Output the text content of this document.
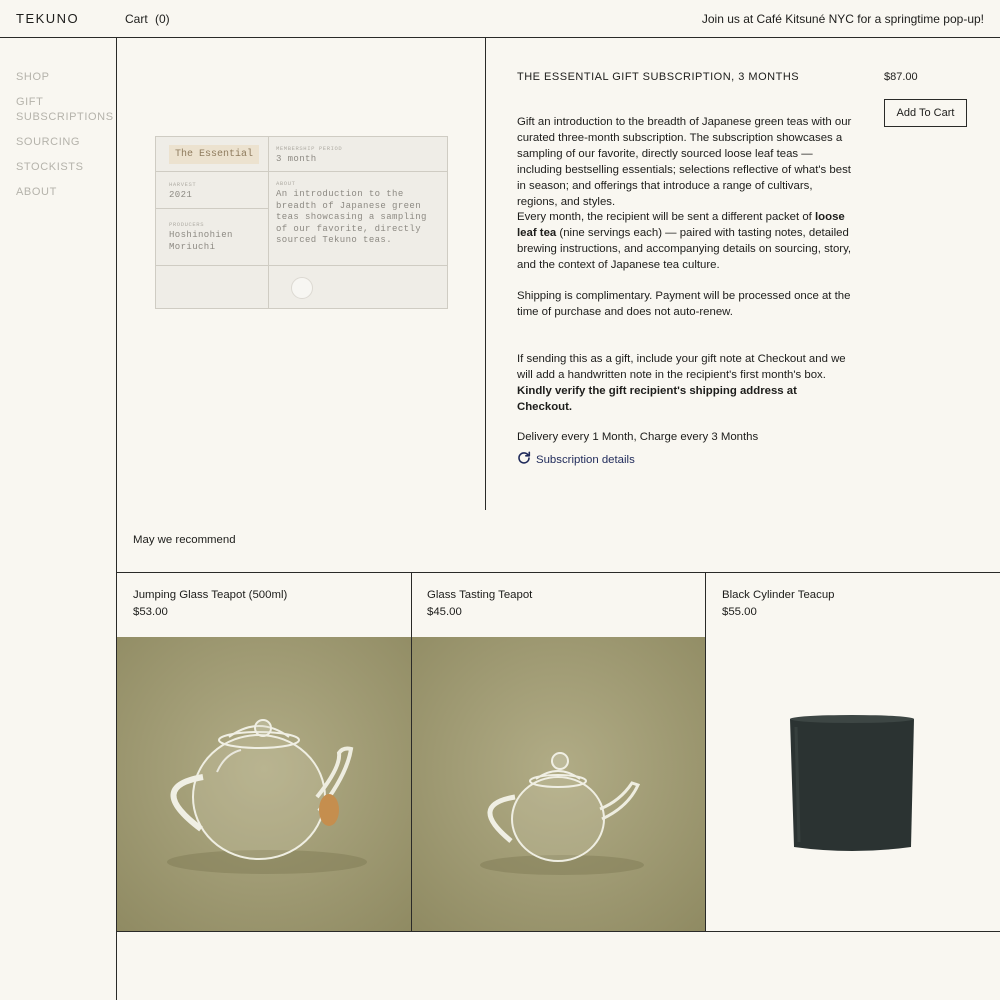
TEKUNO	Cart (0)	Join us at Café Kitsuné NYC for a springtime pop-up!
SHOP
GIFT SUBSCRIPTIONS
SOURCING
STOCKISTS
ABOUT
The Essential
MEMBERSHIP PERIOD
3 month
HARVEST
2021
ABOUT
An introduction to the breadth of Japanese green teas showcasing a sampling of our favorite, directly sourced Tekuno teas.
PRODUCERS
Hoshinohien Moriuchi
THE ESSENTIAL GIFT SUBSCRIPTION, 3 MONTHS	$87.00
Add To Cart

Gift an introduction to the breadth of Japanese green teas with our curated three-month subscription. The subscription showcases a sampling of our favorite, directly sourced loose leaf teas — including bestselling essentials; selections reflective of what's best in season; and offerings that introduce a range of cultivars, regions, and styles.

Every month, the recipient will be sent a different packet of loose leaf tea (nine servings each) — paired with tasting notes, detailed brewing instructions, and accompanying details on sourcing, story, and the context of Japanese tea culture.

Shipping is complimentary. Payment will be processed once at the time of purchase and does not auto-renew.

If sending this as a gift, include your gift note at Checkout and we will add a handwritten note in the recipient's first month's box. Kindly verify the gift recipient's shipping address at Checkout.

Delivery every 1 Month, Charge every 3 Months

Subscription details
May we recommend
Jumping Glass Teapot (500ml)
$53.00
Glass Tasting Teapot
$45.00
Black Cylinder Teacup
$55.00
